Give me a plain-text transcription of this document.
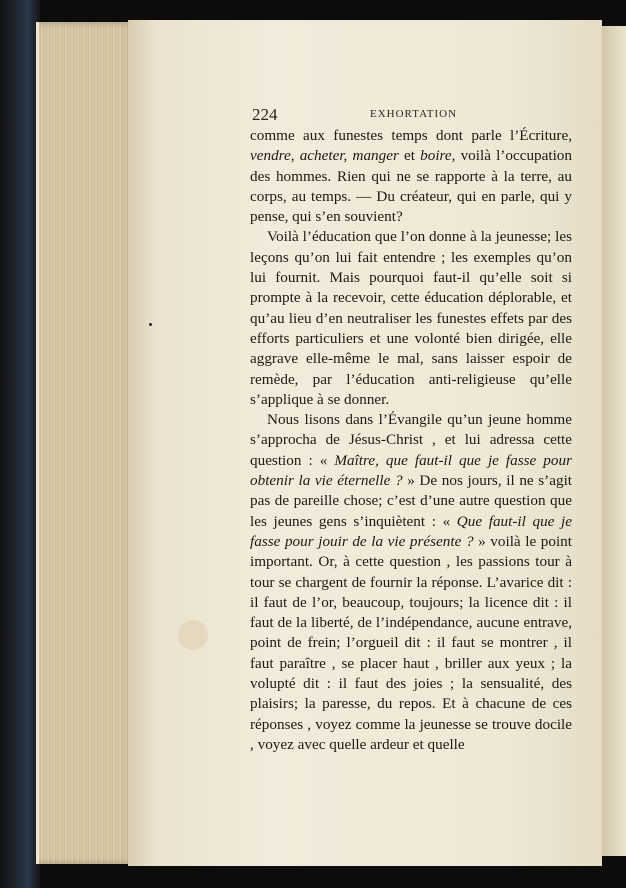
224	EXHORTATION

comme aux funestes temps dont parle l’Écriture, vendre, acheter, manger et boire, voilà l’occupation des hommes. Rien qui ne se rapporte à la terre, au corps, au temps. — Du créateur, qui en parle, qui y pense, qui s’en souvient?

Voilà l’éducation que l’on donne à la jeunesse; les leçons qu’on lui fait entendre ; les exemples qu’on lui fournit. Mais pourquoi faut-il qu’elle soit si prompte à la recevoir, cette éducation déplorable, et qu’au lieu d’en neutraliser les funestes effets par des efforts particuliers et une volonté bien dirigée, elle aggrave elle-même le mal, sans laisser espoir de remède, par l’éducation anti-religieuse qu’elle s’applique à se donner.

Nous lisons dans l’Évangile qu’un jeune homme s’approcha de Jésus-Christ , et lui adressa cette question : « Maître, que faut-il que je fasse pour obtenir la vie éternelle ? » De nos jours, il ne s’agit pas de pareille chose; c’est d’une autre question que les jeunes gens s’inquiètent : « Que faut-il que je fasse pour jouir de la vie présente ? » voilà le point important. Or, à cette question , les passions tour à tour se chargent de fournir la réponse. L’avarice dit : il faut de l’or, beaucoup, toujours; la licence dit : il faut de la liberté, de l’indépendance, aucune entrave, point de frein; l’orgueil dit : il faut se montrer , il faut paraître , se placer haut , briller aux yeux ; la volupté dit : il faut des joies ; la sensualité, des plaisirs; la paresse, du repos. Et à chacune de ces réponses , voyez comme la jeunesse se trouve docile , voyez avec quelle ardeur et quelle
